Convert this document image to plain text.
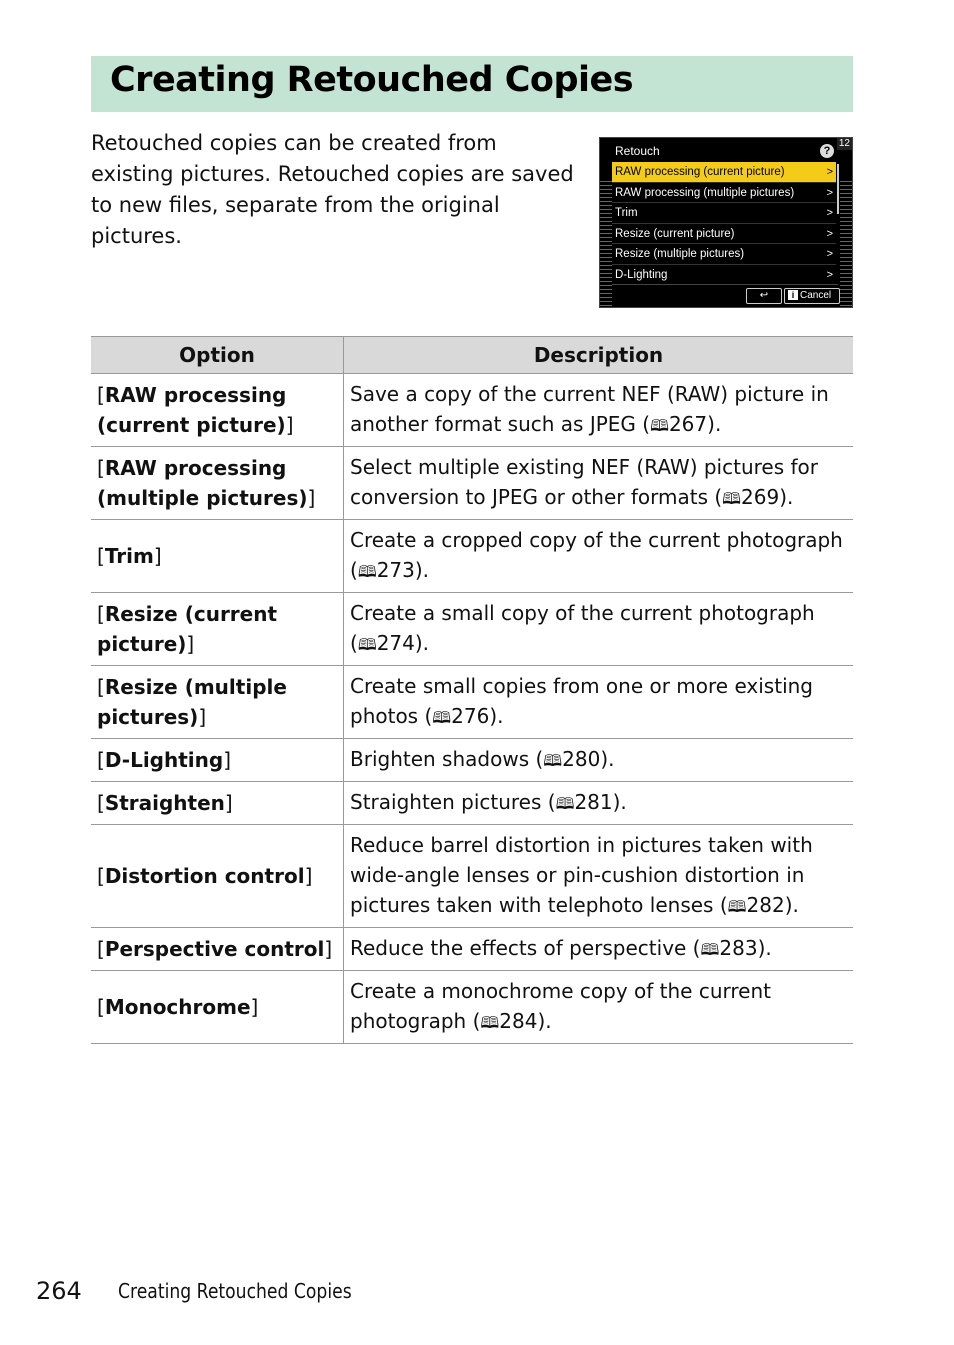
Creating Retouched Copies

Retouched copies can be created from existing pictures. Retouched copies are saved to new files, separate from the original pictures.

Retouch	?
12
RAW processing (current picture)	>
RAW processing (multiple pictures)	>
Trim	>
Resize (current picture)	>
Resize (multiple pictures)	>
D-Lighting	>
↩	i Cancel
Option	Description
[RAW processing (current picture)]	Save a copy of the current NEF (RAW) picture in another format such as JPEG (🕮267).
[RAW processing (multiple pictures)]	Select multiple existing NEF (RAW) pictures for conversion to JPEG or other formats (🕮269).
[Trim]	Create a cropped copy of the current photograph (🕮273).
[Resize (current picture)]	Create a small copy of the current photograph (🕮274).
[Resize (multiple pictures)]	Create small copies from one or more existing photos (🕮276).
[D-Lighting]	Brighten shadows (🕮280).
[Straighten]	Straighten pictures (🕮281).
[Distortion control]	Reduce barrel distortion in pictures taken with wide-angle lenses or pin-cushion distortion in pictures taken with telephoto lenses (🕮282).
[Perspective control]	Reduce the effects of perspective (🕮283).
[Monochrome]	Create a monochrome copy of the current photograph (🕮284).
264 Creating Retouched Copies
